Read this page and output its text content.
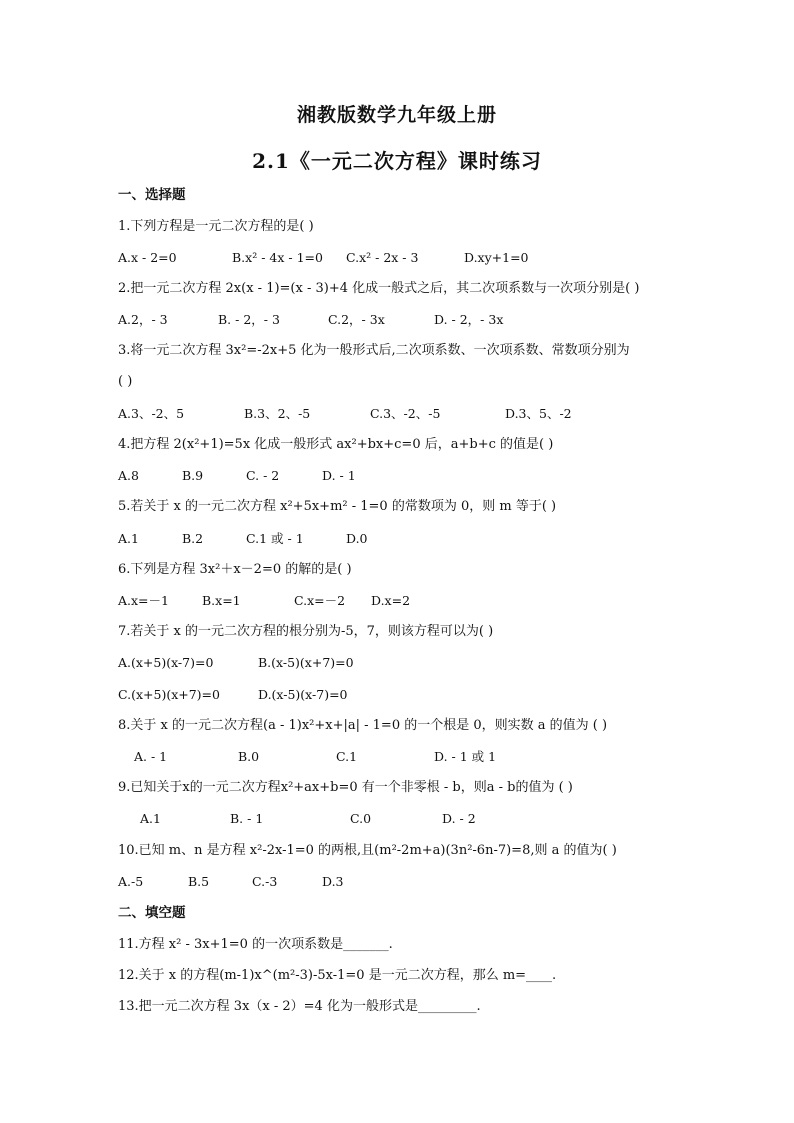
湘教版数学九年级上册
2.1《一元二次方程》课时练习
一、选择题
1.下列方程是一元二次方程的是( )
A.x - 2=0	B.x² - 4x - 1=0 C.x² - 2x - 3	D.xy+1=0
2.把一元二次方程 2x(x - 1)=(x - 3)+4 化成一般式之后，其二次项系数与一次项分别是( )
A.2，- 3	B. - 2，- 3	C.2，- 3x	D. - 2，- 3x
3.将一元二次方程 3x²=-2x+5 化为一般形式后,二次项系数、一次项系数、常数项分别为
( )
A.3、-2、5	B.3、2、-5	C.3、-2、-5	D.3、5、-2
4.把方程 2(x²+1)=5x 化成一般形式 ax²+bx+c=0 后，a+b+c 的值是( )
A.8	B.9	C. - 2	D. - 1
5.若关于 x 的一元二次方程 x²+5x+m² - 1=0 的常数项为 0，则 m 等于( )
A.1	B.2	C.1 或 - 1	D.0
6.下列是方程 3x²＋x－2=0 的解的是( )
A.x=－1	B.x=1	C.x=－2 D.x=2
7.若关于 x 的一元二次方程的根分别为-5，7，则该方程可以为( )
A.(x+5)(x-7)=0	B.(x-5)(x+7)=0
C.(x+5)(x+7)=0	D.(x-5)(x-7)=0
8.关于 x 的一元二次方程(a - 1)x²+x+|a| - 1=0 的一个根是 0，则实数 a 的值为 ( )
A. - 1	B.0	C.1	D. - 1 或 1
9.已知关于x的一元二次方程x²+ax+b=0 有一个非零根 - b，则a - b的值为 ( )
A.1	B. - 1	C.0	D. - 2
10.已知 m、n 是方程 x²-2x-1=0 的两根,且(m²-2m+a)(3n²-6n-7)=8,则 a 的值为( )
A.-5	B.5	C.-3	D.3
二、填空题
11.方程 x² - 3x+1=0 的一次项系数是_______.
12.关于 x 的方程(m-1)x^(m²-3)-5x-1=0 是一元二次方程，那么 m=____.
13.把一元二次方程 3x（x - 2）=4 化为一般形式是_________.
